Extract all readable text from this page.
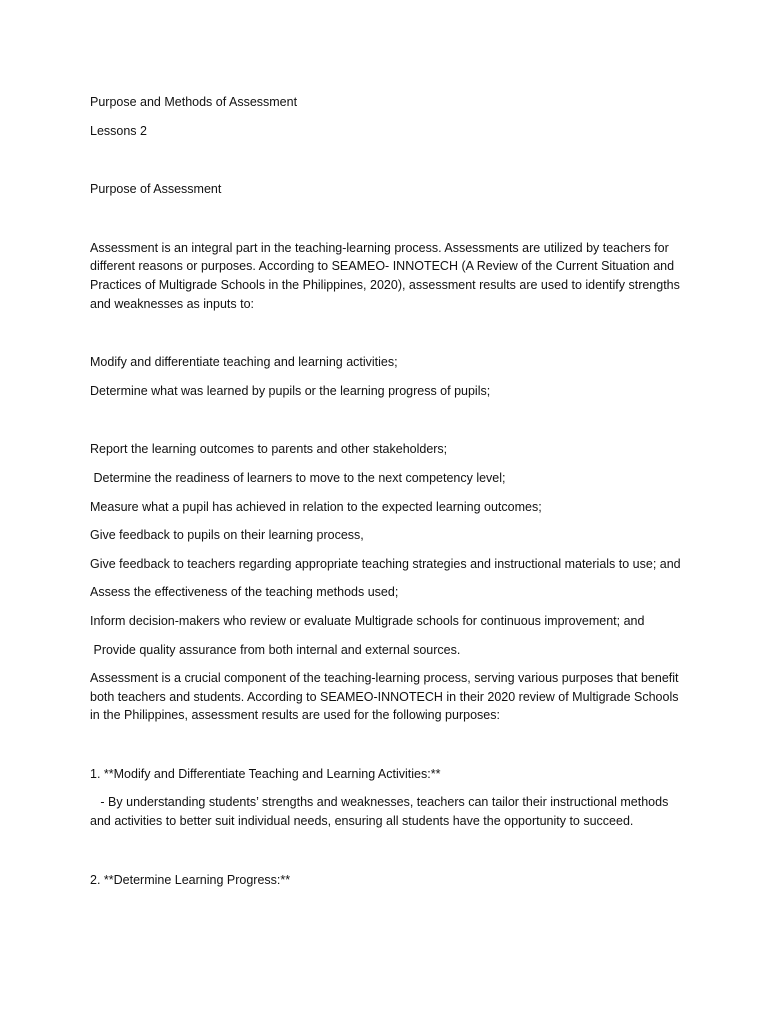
Purpose and Methods of Assessment

Lessons 2

Purpose of Assessment

Assessment is an integral part in the teaching-learning process. Assessments are utilized by teachers for different reasons or purposes. According to SEAMEO- INNOTECH (A Review of the Current Situation and Practices of Multigrade Schools in the Philippines, 2020), assessment results are used to identify strengths and weaknesses as inputs to:

Modify and differentiate teaching and learning activities;

Determine what was learned by pupils or the learning progress of pupils;

Report the learning outcomes to parents and other stakeholders;

Determine the readiness of learners to move to the next competency level;

Measure what a pupil has achieved in relation to the expected learning outcomes;

Give feedback to pupils on their learning process,

Give feedback to teachers regarding appropriate teaching strategies and instructional materials to use; and

Assess the effectiveness of the teaching methods used;

Inform decision-makers who review or evaluate Multigrade schools for continuous improvement; and

Provide quality assurance from both internal and external sources.

Assessment is a crucial component of the teaching-learning process, serving various purposes that benefit both teachers and students. According to SEAMEO-INNOTECH in their 2020 review of Multigrade Schools in the Philippines, assessment results are used for the following purposes:

1. **Modify and Differentiate Teaching and Learning Activities:**

- By understanding students’ strengths and weaknesses, teachers can tailor their instructional methods and activities to better suit individual needs, ensuring all students have the opportunity to succeed.

2. **Determine Learning Progress:**
